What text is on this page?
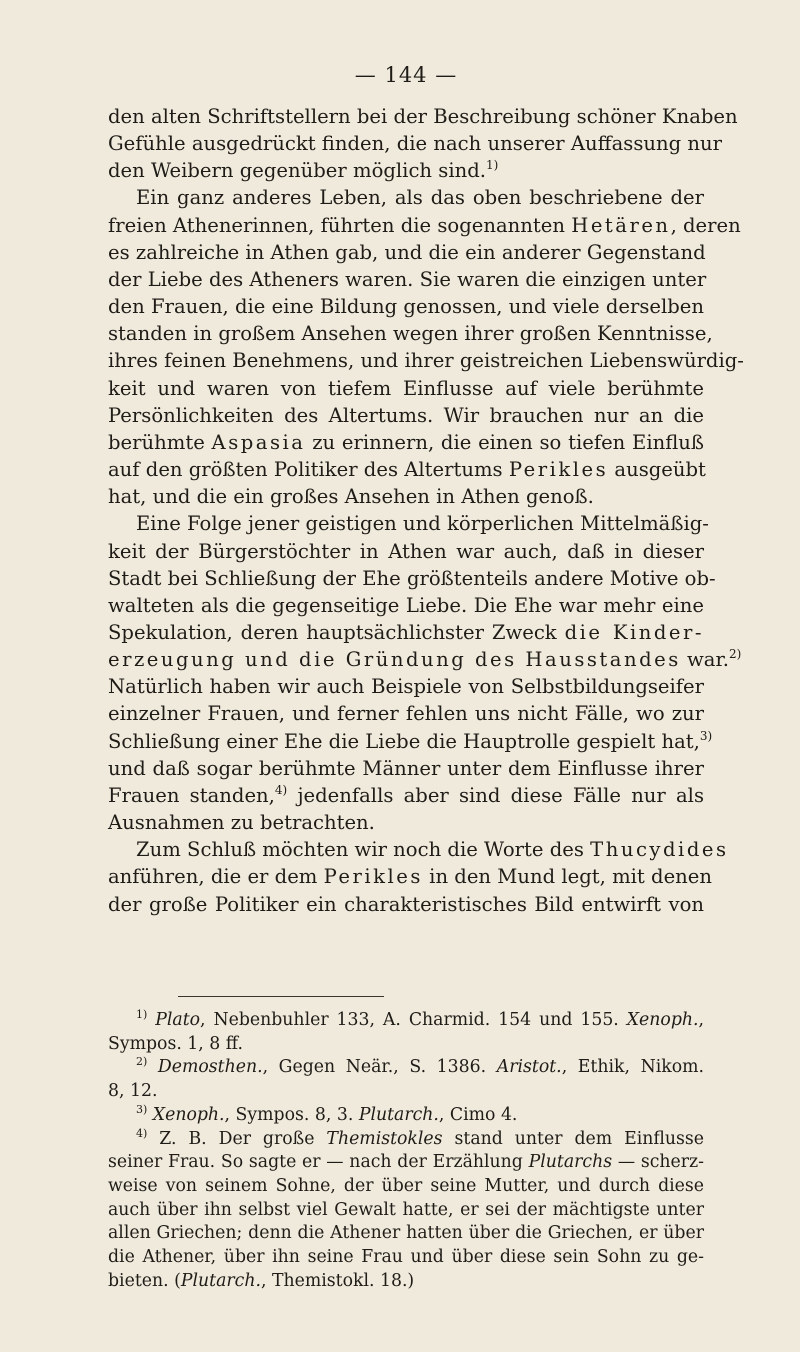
— 144 —
den alten Schriftstellern bei der Beschreibung schöner Knaben
Gefühle ausgedrückt finden, die nach unserer Auffassung nur
den Weibern gegenüber möglich sind.$^{1)}$
Ein ganz anderes Leben, als das oben beschriebene der
freien Athenerinnen, führten die sogenannten Hetären, deren
es zahlreiche in Athen gab, und die ein anderer Gegenstand
der Liebe des Atheners waren. Sie waren die einzigen unter
den Frauen, die eine Bildung genossen, und viele derselben
standen in großem Ansehen wegen ihrer großen Kenntnisse,
ihres feinen Benehmens, und ihrer geistreichen Liebenswürdig-
keit und waren von tiefem Einflusse auf viele berühmte
Persönlichkeiten des Altertums. Wir brauchen nur an die
berühmte Aspasia zu erinnern, die einen so tiefen Einfluß
auf den größten Politiker des Altertums Perikles ausgeübt
hat, und die ein großes Ansehen in Athen genoß.
Eine Folge jener geistigen und körperlichen Mittelmäßig-
keit der Bürgerstöchter in Athen war auch, daß in dieser
Stadt bei Schließung der Ehe größtenteils andere Motive ob-
walteten als die gegenseitige Liebe. Die Ehe war mehr eine
Spekulation, deren hauptsächlichster Zweck die Kinder-
erzeugung und die Gründung des Hausstandes war.$^{2)}$
Natürlich haben wir auch Beispiele von Selbstbildungseifer
einzelner Frauen, und ferner fehlen uns nicht Fälle, wo zur
Schließung einer Ehe die Liebe die Hauptrolle gespielt hat,$^{3)}$
und daß sogar berühmte Männer unter dem Einflusse ihrer
Frauen standen,$^{4)}$ jedenfalls aber sind diese Fälle nur als
Ausnahmen zu betrachten.
Zum Schluß möchten wir noch die Worte des Thucydides
anführen, die er dem Perikles in den Mund legt, mit denen
der große Politiker ein charakteristisches Bild entwirft von
$^{1)}$ Plato, Nebenbuhler 133, A. Charmid. 154 und 155. Xenoph.,
Sympos. 1, 8 ff.
$^{2)}$ Demosthen., Gegen Neär., S. 1386. Aristot., Ethik, Nikom.
8, 12.
$^{3)}$ Xenoph., Sympos. 8, 3. Plutarch., Cimo 4.
$^{4)}$ Z. B. Der große Themistokles stand unter dem Einflusse
seiner Frau. So sagte er — nach der Erzählung Plutarchs — scherz-
weise von seinem Sohne, der über seine Mutter, und durch diese
auch über ihn selbst viel Gewalt hatte, er sei der mächtigste unter
allen Griechen; denn die Athener hatten über die Griechen, er über
die Athener, über ihn seine Frau und über diese sein Sohn zu ge-
bieten. (Plutarch., Themistokl. 18.)
